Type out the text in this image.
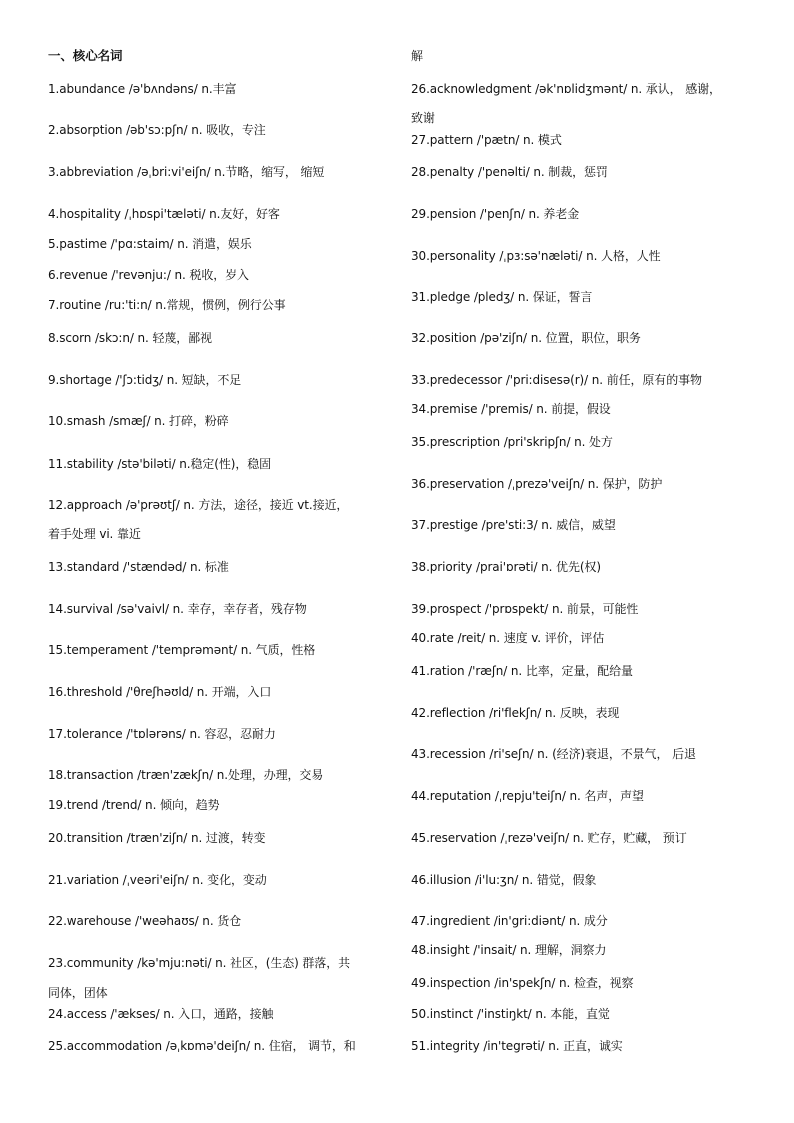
一、核心名词
1.abundance /ə'bʌndəns/ n.丰富
2.absorption /əb'sɔ:pʃn/ n. 吸收，专注
3.abbreviation /əˌbri:vi'eiʃn/ n.节略，缩写， 缩短
4.hospitality /ˌhɒspi'tæləti/ n.友好，好客
5.pastime /'pɑ:staim/ n. 消遣，娱乐
6.revenue /'revənju:/ n. 税收，岁入
7.routine /ru:'ti:n/ n.常规，惯例，例行公事
8.scorn /skɔ:n/ n. 轻蔑，鄙视
9.shortage /'ʃɔ:tidʒ/ n. 短缺，不足
10.smash /smæʃ/ n. 打碎，粉碎
11.stability /stə'biləti/ n.稳定(性)，稳固
12.approach /ə'prəʊtʃ/ n. 方法，途径，接近 vt.接近，
着手处理 vi. 靠近
13.standard /'stændəd/ n. 标准
14.survival /sə'vaivl/ n. 幸存，幸存者，残存物
15.temperament /'temprəmənt/ n. 气质，性格
16.threshold /'θreʃhəʊld/ n. 开端，入口
17.tolerance /'tɒlərəns/ n. 容忍，忍耐力
18.transaction /træn'zækʃn/ n.处理，办理，交易
19.trend /trend/ n. 倾向，趋势
20.transition /træn'ziʃn/ n. 过渡，转变
21.variation /ˌveəri'eiʃn/ n. 变化，变动
22.warehouse /'weəhaʊs/ n. 货仓
23.community /kə'mju:nəti/ n. 社区，(生态) 群落，共
同体，团体
24.access /'ækses/ n. 入口，通路，接触
25.accommodation /əˌkɒmə'deiʃn/ n. 住宿， 调节，和
解
26.acknowledgment /ək'nɒlidʒmənt/ n. 承认， 感谢，
致谢
27.pattern /'pætn/ n. 模式
28.penalty /'penəlti/ n. 制裁，惩罚
29.pension /'penʃn/ n. 养老金
30.personality /ˌpɜ:sə'næləti/ n. 人格，人性
31.pledge /pledʒ/ n. 保证，誓言
32.position /pə'ziʃn/ n. 位置，职位，职务
33.predecessor /'pri:disesə(r)/ n. 前任，原有的事物
34.premise /'premis/ n. 前提，假设
35.prescription /pri'skripʃn/ n. 处方
36.preservation /ˌprezə'veiʃn/ n. 保护，防护
37.prestige /pre'sti:3/ n. 威信，威望
38.priority /prai'ɒrəti/ n. 优先(权)
39.prospect /'prɒspekt/ n. 前景，可能性
40.rate /reit/ n. 速度 v. 评价，评估
41.ration /'ræʃn/ n. 比率，定量，配给量
42.reflection /ri'flekʃn/ n. 反映，表现
43.recession /ri'seʃn/ n. (经济)衰退，不景气， 后退
44.reputation /ˌrepju'teiʃn/ n. 名声，声望
45.reservation /ˌrezə'veiʃn/ n. 贮存，贮藏， 预订
46.illusion /i'lu:ʒn/ n. 错觉，假象
47.ingredient /in'gri:diənt/ n. 成分
48.insight /'insait/ n. 理解，洞察力
49.inspection /in'spekʃn/ n. 检查，视察
50.instinct /'instiŋkt/ n. 本能，直觉
51.integrity /in'tegrəti/ n. 正直，诚实
